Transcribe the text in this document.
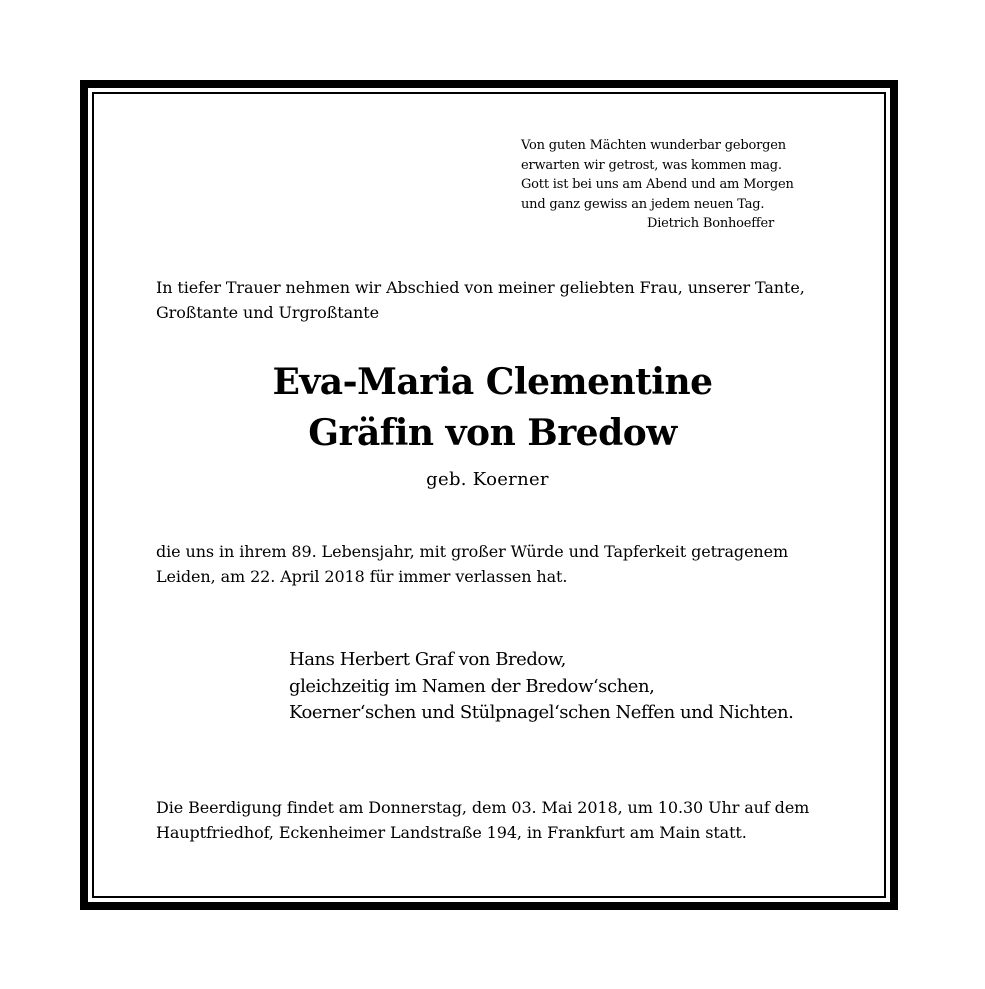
Von guten Mächten wunderbar geborgen
erwarten wir getrost, was kommen mag.
Gott ist bei uns am Abend und am Morgen
und ganz gewiss an jedem neuen Tag.
Dietrich Bonhoeffer
In tiefer Trauer nehmen wir Abschied von meiner geliebten Frau, unserer Tante,
Großtante und Urgroßtante
Eva-Maria Clementine
Gräfin von Bredow
geb. Koerner
die uns in ihrem 89. Lebensjahr, mit großer Würde und Tapferkeit getragenem
Leiden, am 22. April 2018 für immer verlassen hat.
Hans Herbert Graf von Bredow,
gleichzeitig im Namen der Bredow‘schen,
Koerner‘schen und Stülpnagel‘schen Neffen und Nichten.
Die Beerdigung findet am Donnerstag, dem 03. Mai 2018, um 10.30 Uhr auf dem
Hauptfriedhof, Eckenheimer Landstraße 194, in Frankfurt am Main statt.
